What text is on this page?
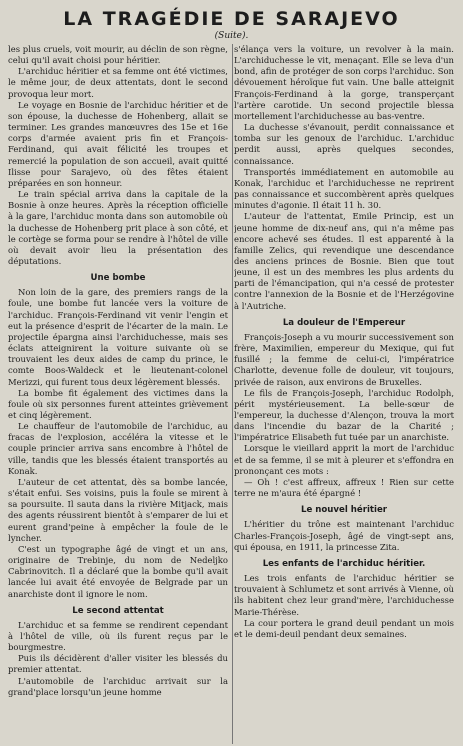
LA TRAGÉDIE DE SARAJEVO
(Suite).

les plus cruels, voit mourir, au déclin de son règne, celui qu'il avait choisi pour héritier.

L'archiduc héritier et sa femme ont été victimes, le même jour, de deux attentats, dont le second provoqua leur mort.

Le voyage en Bosnie de l'archiduc héritier et de son épouse, la duchesse de Hohenberg, allait se terminer. Les grandes manœuvres des 15e et 16e corps d'armée avaient pris fin et François-Ferdinand, qui avait félicité les troupes et remercié la population de son accueil, avait quitté Ilisse pour Sarajevo, où des fêtes étaient préparées en son honneur.

Le train spécial arriva dans la capitale de la Bosnie à onze heures. Après la réception officielle à la gare, l'archiduc monta dans son automobile où la duchesse de Hohenberg prit place à son côté, et le cortège se forma pour se rendre à l'hôtel de ville où devait avoir lieu la présentation des députations.

Une bombe

Non loin de la gare, des premiers rangs de la foule, une bombe fut lancée vers la voiture de l'archiduc. François-Ferdinand vit venir l'engin et eut la présence d'esprit de l'écarter de la main. Le projectile épargna ainsi l'archiduchesse, mais ses éclats atteignirent la voiture suivante où se trouvaient les deux aides de camp du prince, le comte Boos-Waldeck et le lieutenant-colonel Merizzi, qui furent tous deux légèrement blessés.

La bombe fit également des victimes dans la foule où six personnes furent atteintes grièvement et cinq légèrement.

Le chauffeur de l'automobile de l'archiduc, au fracas de l'explosion, accéléra la vitesse et le couple princier arriva sans encombre à l'hôtel de ville, tandis que les blessés étaient transportés au Konak.

L'auteur de cet attentat, dès sa bombe lancée, s'était enfui. Ses voisins, puis la foule se mirent à sa poursuite. Il sauta dans la rivière Mitjack, mais des agents réussirent bientôt à s'emparer de lui et eurent grand'peine à empêcher la foule de le lyncher.

C'est un typographe âgé de vingt et un ans, originaire de Trebinje, du nom de Nedeljko Cabrinovitch. Il a déclaré que la bombe qu'il avait lancée lui avait été envoyée de Belgrade par un anarchiste dont il ignore le nom.

Le second attentat

L'archiduc et sa femme se rendirent cependant à l'hôtel de ville, où ils furent reçus par le bourgmestre.

Puis ils décidèrent d'aller visiter les blessés du premier attentat.

L'automobile de l'archiduc arrivait sur la grand'place lorsqu'un jeune homme

s'élança vers la voiture, un revolver à la main. L'archiduchesse le vit, menaçant. Elle se leva d'un bond, afin de protéger de son corps l'archiduc. Son dévouement héroïque fut vain. Une balle atteignit François-Ferdinand à la gorge, transperçant l'artère carotide. Un second projectile blessa mortellement l'archiduchesse au bas-ventre.

La duchesse s'évanouit, perdit connaissance et tomba sur les genoux de l'archiduc. L'archiduc perdit aussi, après quelques secondes, connaissance.

Transportés immédiatement en automobile au Konak, l'archiduc et l'archiduchesse ne reprirent pas connaissance et succombèrent après quelques minutes d'agonie. Il était 11 h. 30.

L'auteur de l'attentat, Emile Princip, est un jeune homme de dix-neuf ans, qui n'a même pas encore achevé ses études. Il est apparenté à la famille Zelics, qui revendique une descendance des anciens princes de Bosnie. Bien que tout jeune, il est un des membres les plus ardents du parti de l'émancipation, qui n'a cessé de protester contre l'annexion de la Bosnie et de l'Herzégovine à l'Autriche.

La douleur de l'Empereur

François-Joseph a vu mourir successivement son frère, Maximilien, empereur du Mexique, qui fut fusillé ; la femme de celui-ci, l'impératrice Charlotte, devenue folle de douleur, vit toujours, privée de raison, aux environs de Bruxelles.

Le fils de François-Joseph, l'archiduc Rodolph, périt mystérieusement. La belle-sœur de l'empereur, la duchesse d'Alençon, trouva la mort dans l'incendie du bazar de la Charité ; l'impératrice Elisabeth fut tuée par un anarchiste.

Lorsque le vieillard apprit la mort de l'archiduc et de sa femme, il se mit à pleurer et s'effondra en prononçant ces mots :

— Oh ! c'est affreux, affreux ! Rien sur cette terre ne m'aura été épargné !

Le nouvel héritier

L'héritier du trône est maintenant l'archiduc Charles-François-Joseph, âgé de vingt-sept ans, qui épousa, en 1911, la princesse Zita.

Les enfants de l'archiduc héritier.

Les trois enfants de l'archiduc héritier se trouvaient à Schlumetz et sont arrivés à Vienne, où ils habitent chez leur grand'mère, l'archiduchesse Marie-Thérèse.

La cour portera le grand deuil pendant un mois et le demi-deuil pendant deux semaines.
